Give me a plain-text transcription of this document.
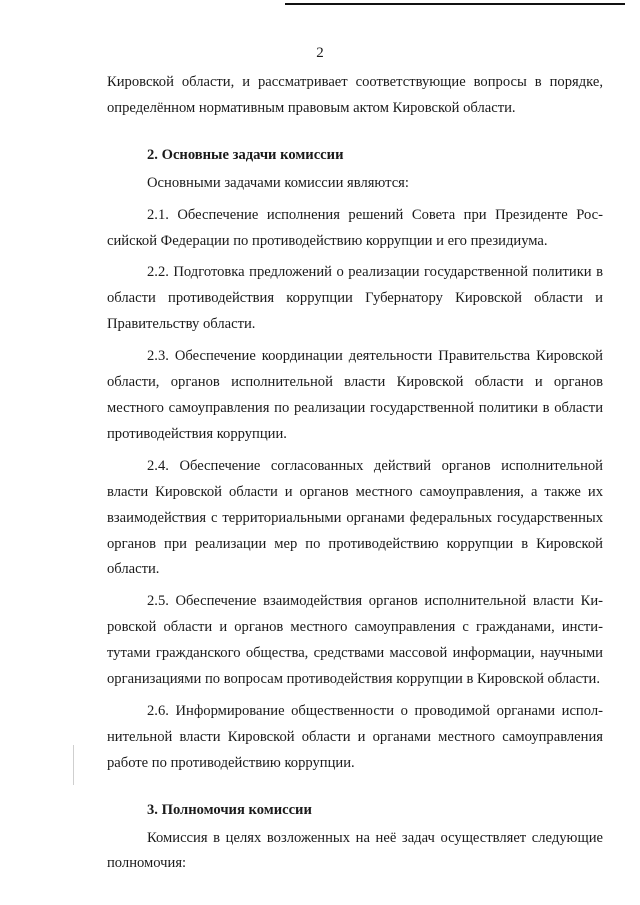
2

Кировской области, и рассматривает соответствующие вопросы в порядке,

определённом нормативным правовым актом Кировской области.

2. Основные задачи комиссии

Основными задачами комиссии являются:

2.1. Обеспечение исполнения решений Совета при Президенте Российской Федерации по противодействию коррупции и его президиума.

2.2. Подготовка предложений о реализации государственной политики в области противодействия коррупции Губернатору Кировской области и Правительству области.

2.3. Обеспечение координации деятельности Правительства Кировской области, органов исполнительной власти Кировской области и органов местного самоуправления по реализации государственной политики в области противодействия коррупции.

2.4. Обеспечение согласованных действий органов исполнительной власти Кировской области и органов местного самоуправления, а также их взаимодействия с территориальными органами федеральных государственных органов при реализации мер по противодействию коррупции в Кировской области.

2.5. Обеспечение взаимодействия органов исполнительной власти Кировской области и органов местного самоуправления с гражданами, институтами гражданского общества, средствами массовой информации, научными организациями по вопросам противодействия коррупции в Кировской области.

2.6. Информирование общественности о проводимой органами исполнительной власти Кировской области и органами местного самоуправления работе по противодействию коррупции.

3. Полномочия комиссии

Комиссия в целях возложенных на неё задач осуществляет следующие полномочия:
